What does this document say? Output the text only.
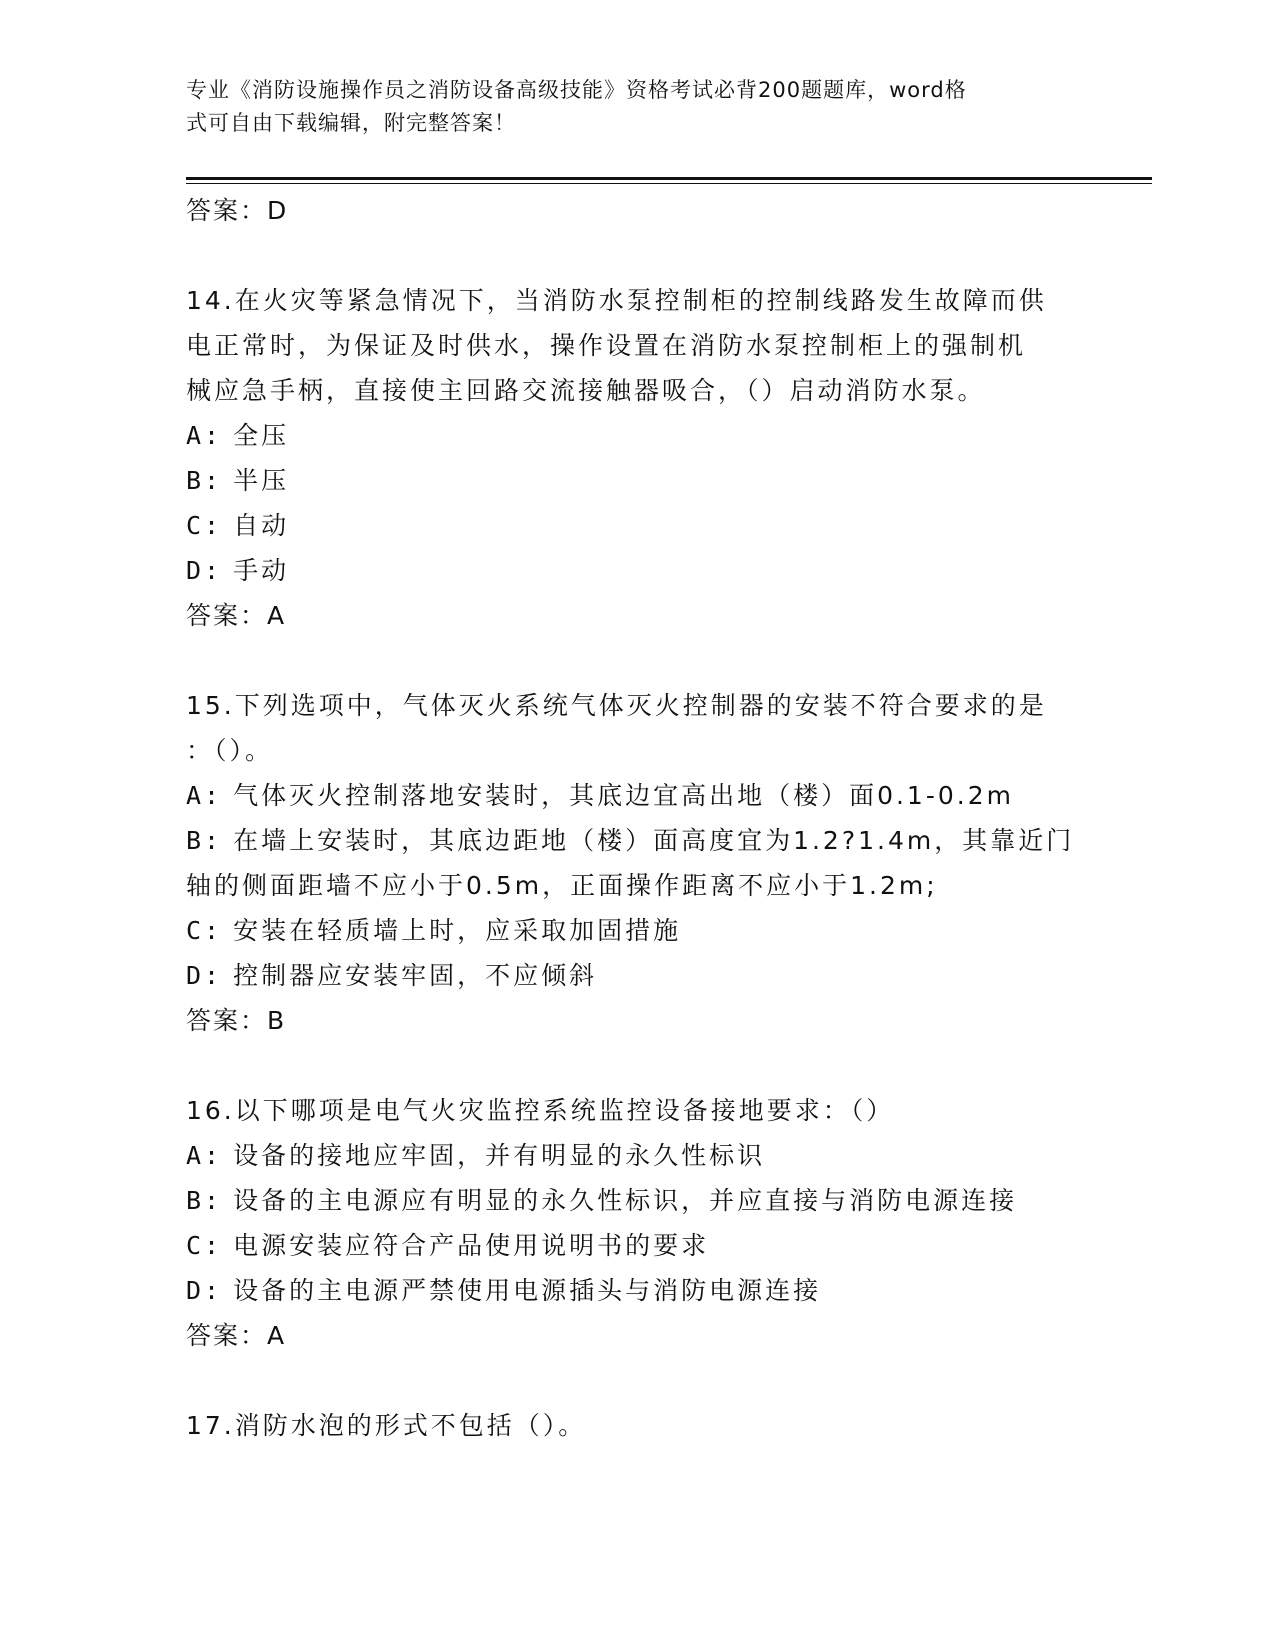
专业《消防设施操作员之消防设备高级技能》资格考试必背200题题库，word格
式可自由下载编辑，附完整答案！

答案：D

14.在火灾等紧急情况下，当消防水泵控制柜的控制线路发生故障而供

电正常时，为保证及时供水，操作设置在消防水泵控制柜上的强制机

械应急手柄，直接使主回路交流接触器吸合，（）启动消防水泵。

A: 全压

B: 半压

C: 自动

D: 手动

答案：A

15.下列选项中，气体灭火系统气体灭火控制器的安装不符合要求的是

：（）。

A: 气体灭火控制落地安装时，其底边宜高出地（楼）面0.1-0.2m

B: 在墙上安装时，其底边距地（楼）面高度宜为1.2?1.4m，其靠近门

轴的侧面距墙不应小于0.5m，正面操作距离不应小于1.2m;

C: 安装在轻质墙上时，应采取加固措施

D: 控制器应安装牢固，不应倾斜

答案：B

16.以下哪项是电气火灾监控系统监控设备接地要求：（）

A: 设备的接地应牢固，并有明显的永久性标识

B: 设备的主电源应有明显的永久性标识，并应直接与消防电源连接

C: 电源安装应符合产品使用说明书的要求

D: 设备的主电源严禁使用电源插头与消防电源连接

答案：A

17.消防水泡的形式不包括（）。
